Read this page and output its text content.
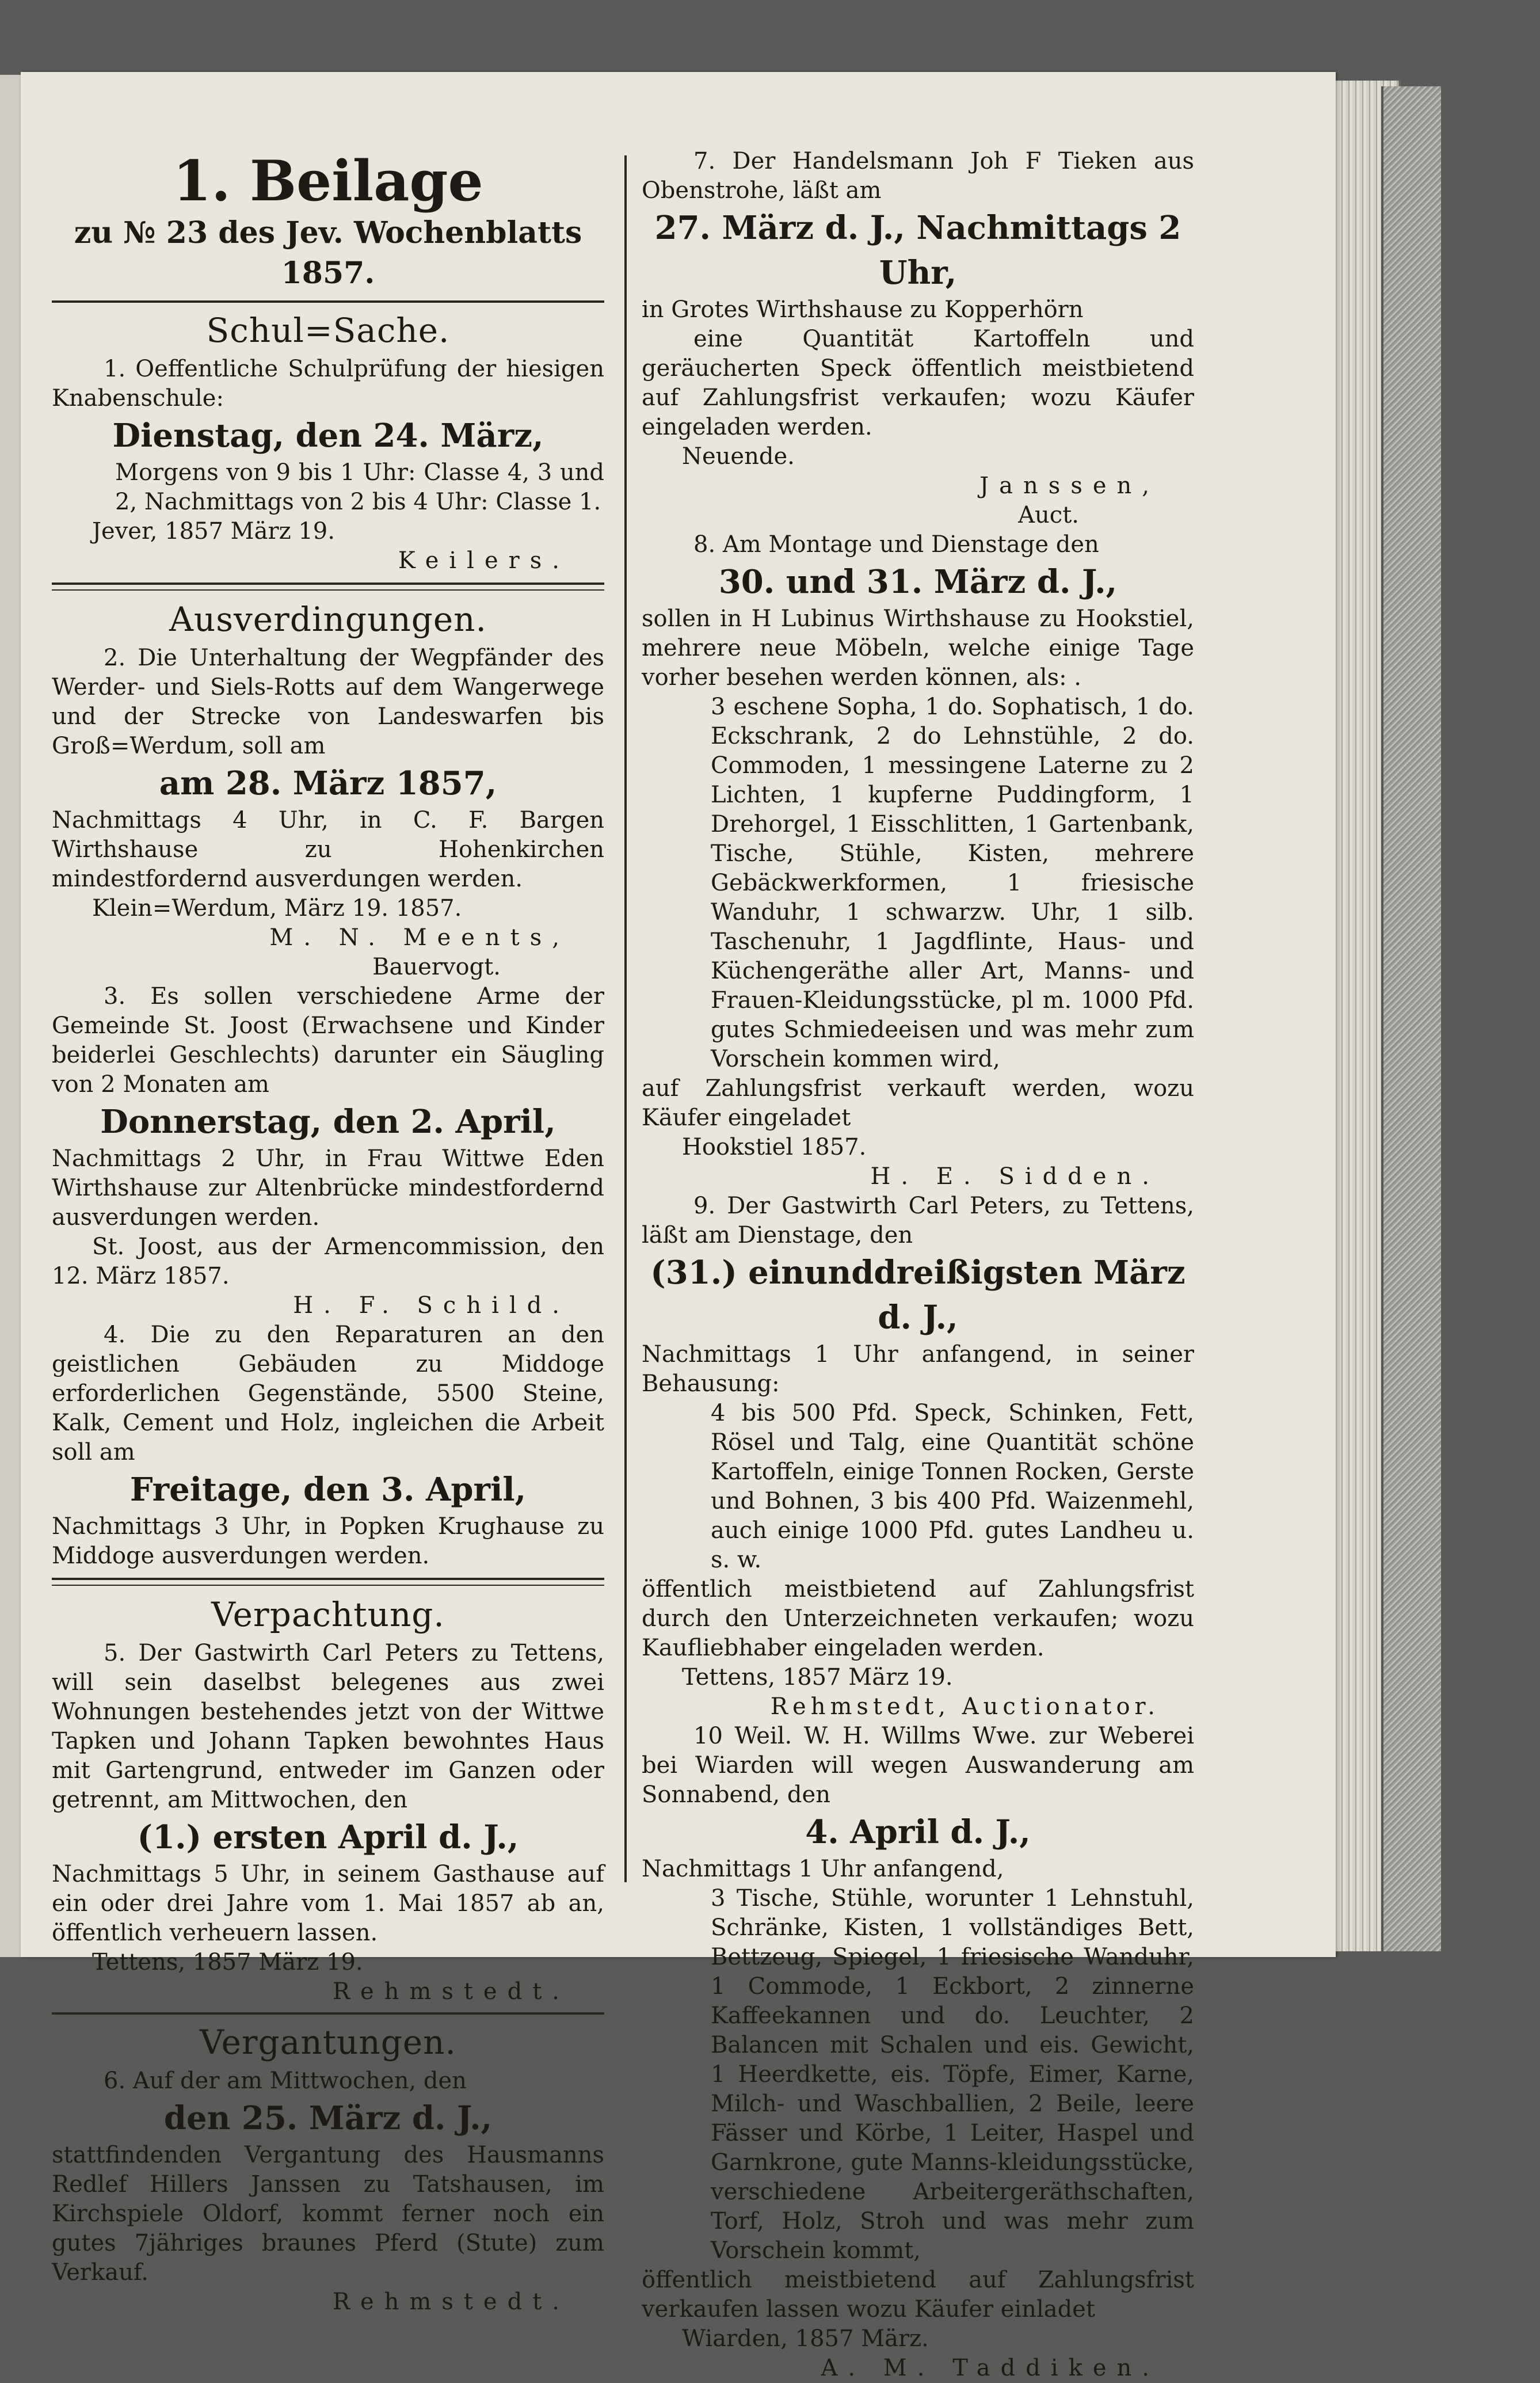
1. Beilage

zu № 23 des Jev. Wochenblatts 1857.

Schul=Sache.

1. Oeffentliche Schulprüfung der hiesigen Knabenschule:

Dienstag, den 24. März,

Morgens von 9 bis 1 Uhr: Classe 4, 3 und 2, Nachmittags von 2 bis 4 Uhr: Classe 1.

Jever, 1857 März 19.

Keilers.

Ausverdingungen.

2. Die Unterhaltung der Wegpfänder des Werder- und Siels-Rotts auf dem Wangerwege und der Strecke von Landeswarfen bis Groß=Werdum, soll am

am 28. März 1857,

Nachmittags 4 Uhr, in C. F. Bargen Wirthshause zu Hohenkirchen mindestfordernd ausverdungen werden.

Klein=Werdum, März 19. 1857.

M. N. Meents,

Bauervogt.

3. Es sollen verschiedene Arme der Gemeinde St. Joost (Erwachsene und Kinder beiderlei Geschlechts) darunter ein Säugling von 2 Monaten am

Donnerstag, den 2. April,

Nachmittags 2 Uhr, in Frau Wittwe Eden Wirthshause zur Altenbrücke mindestfordernd ausverdungen werden.

St. Joost, aus der Armencommission, den 12. März 1857.

H. F. Schild.

4. Die zu den Reparaturen an den geistlichen Gebäuden zu Middoge erforderlichen Gegenstände, 5500 Steine, Kalk, Cement und Holz, ingleichen die Arbeit soll am

Freitage, den 3. April,

Nachmittags 3 Uhr, in Popken Krughause zu Middoge ausverdungen werden.

Verpachtung.

5. Der Gastwirth Carl Peters zu Tettens, will sein daselbst belegenes aus zwei Wohnungen bestehendes jetzt von der Wittwe Tapken und Johann Tapken bewohntes Haus mit Gartengrund, entweder im Ganzen oder getrennt, am Mittwochen, den

(1.) ersten April d. J.,

Nachmittags 5 Uhr, in seinem Gasthause auf ein oder drei Jahre vom 1. Mai 1857 ab an, öffentlich verheuern lassen.

Tettens, 1857 März 19.

Rehmstedt.

Vergantungen.

6. Auf der am Mittwochen, den

den 25. März d. J.,

stattfindenden Vergantung des Hausmanns Redlef Hillers Janssen zu Tatshausen, im Kirchspiele Oldorf, kommt ferner noch ein gutes 7jähriges braunes Pferd (Stute) zum Verkauf.

Rehmstedt.

7. Der Handelsmann Joh F Tieken aus Obenstrohe, läßt am

27. März d. J., Nachmittags 2 Uhr,

in Grotes Wirthshause zu Kopperhörn

eine Quantität Kartoffeln und geräucherten Speck öffentlich meistbietend auf Zahlungsfrist verkaufen; wozu Käufer eingeladen werden.

Neuende.

Janssen,

Auct.

8. Am Montage und Dienstage den

30. und 31. März d. J.,

sollen in H Lubinus Wirthshause zu Hookstiel, mehrere neue Möbeln, welche einige Tage vorher besehen werden können, als: .

3 eschene Sopha, 1 do. Sophatisch, 1 do. Eckschrank, 2 do Lehnstühle, 2 do. Commoden, 1 messingene Laterne zu 2 Lichten, 1 kupferne Puddingform, 1 Drehorgel, 1 Eisschlitten, 1 Gartenbank, Tische, Stühle, Kisten, mehrere Gebäckwerkformen, 1 friesische Wanduhr, 1 schwarzw. Uhr, 1 silb. Taschenuhr, 1 Jagdflinte, Haus- und Küchengeräthe aller Art, Manns- und Frauen-Kleidungsstücke, pl m. 1000 Pfd. gutes Schmiedeeisen und was mehr zum Vorschein kommen wird,

auf Zahlungsfrist verkauft werden, wozu Käufer eingeladet

Hookstiel 1857.

H. E. Sidden.

9. Der Gastwirth Carl Peters, zu Tettens, läßt am Dienstage, den

(31.) einunddreißigsten März d. J.,

Nachmittags 1 Uhr anfangend, in seiner Behausung:

4 bis 500 Pfd. Speck, Schinken, Fett, Rösel und Talg, eine Quantität schöne Kartoffeln, einige Tonnen Rocken, Gerste und Bohnen, 3 bis 400 Pfd. Waizenmehl, auch einige 1000 Pfd. gutes Landheu u. s. w.

öffentlich meistbietend auf Zahlungsfrist durch den Unterzeichneten verkaufen; wozu Kaufliebhaber eingeladen werden.

Tettens, 1857 März 19.

Rehmstedt, Auctionator.

10 Weil. W. H. Willms Wwe. zur Weberei bei Wiarden will wegen Auswanderung am Sonnabend, den

4. April d. J.,

Nachmittags 1 Uhr anfangend,

3 Tische, Stühle, worunter 1 Lehnstuhl, Schränke, Kisten, 1 vollständiges Bett, Bettzeug, Spiegel, 1 friesische Wanduhr, 1 Commode, 1 Eckbort, 2 zinnerne Kaffeekannen und do. Leuchter, 2 Balancen mit Schalen und eis. Gewicht, 1 Heerdkette, eis. Töpfe, Eimer, Karne, Milch- und Waschballien, 2 Beile, leere Fässer und Körbe, 1 Leiter, Haspel und Garnkrone, gute Manns-kleidungsstücke, verschiedene Arbeitergeräthschaften, Torf, Holz, Stroh und was mehr zum Vorschein kommt,

öffentlich meistbietend auf Zahlungsfrist verkaufen lassen wozu Käufer einladet

Wiarden, 1857 März.

A. M. Taddiken.
